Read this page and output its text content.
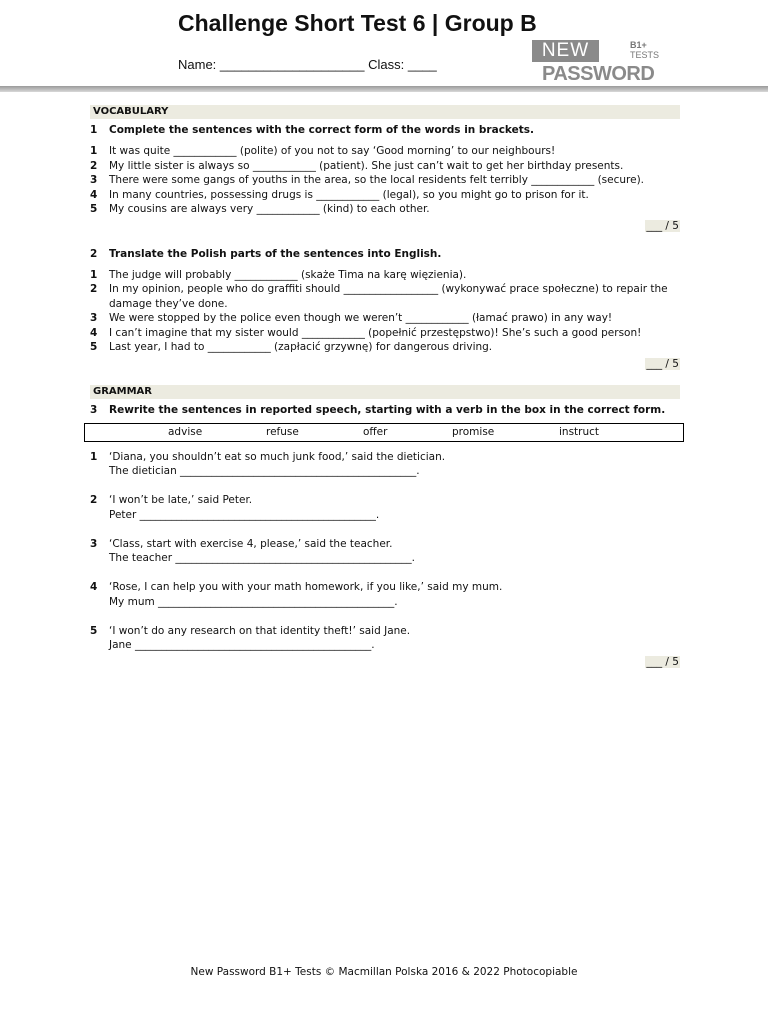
Challenge Short Test 6 | Group B
Name: ____________________ Class: ____
NEW	B1+
TESTS
PASSWORD
VOCABULARY
1	Complete the sentences with the correct form of the words in brackets.
1	It was quite ____________ (polite) of you not to say ‘Good morning’ to our neighbours!
2	My little sister is always so ____________ (patient). She just can’t wait to get her birthday presents.
3	There were some gangs of youths in the area, so the local residents felt terribly ____________ (secure).
4	In many countries, possessing drugs is ____________ (legal), so you might go to prison for it.
5	My cousins are always very ____________ (kind) to each other.
___ / 5
2	Translate the Polish parts of the sentences into English.
1	The judge will probably ____________ (skaże Tima na karę więzienia).
2	In my opinion, people who do graffiti should __________________ (wykonywać prace społeczne) to repair the damage they’ve done.
3	We were stopped by the police even though we weren’t ____________ (łamać prawo) in any way!
4	I can’t imagine that my sister would ____________ (popełnić przestępstwo)! She’s such a good person!
5	Last year, I had to ____________ (zapłacić grzywnę) for dangerous driving.
___ / 5
GRAMMAR
3	Rewrite the sentences in reported speech, starting with a verb in the box in the correct form.
advise	refuse	offer	promise	instruct
1	‘Diana, you shouldn’t eat so much junk food,’ said the dietician.
The dietician _____________________________________________.
2	‘I won’t be late,’ said Peter.
Peter _____________________________________________.
3	‘Class, start with exercise 4, please,’ said the teacher.
The teacher _____________________________________________.
4	‘Rose, I can help you with your math homework, if you like,’ said my mum.
My mum _____________________________________________.
5	‘I won’t do any research on that identity theft!’ said Jane.
Jane _____________________________________________.
___ / 5
New Password B1+ Tests © Macmillan Polska 2016 & 2022 Photocopiable
